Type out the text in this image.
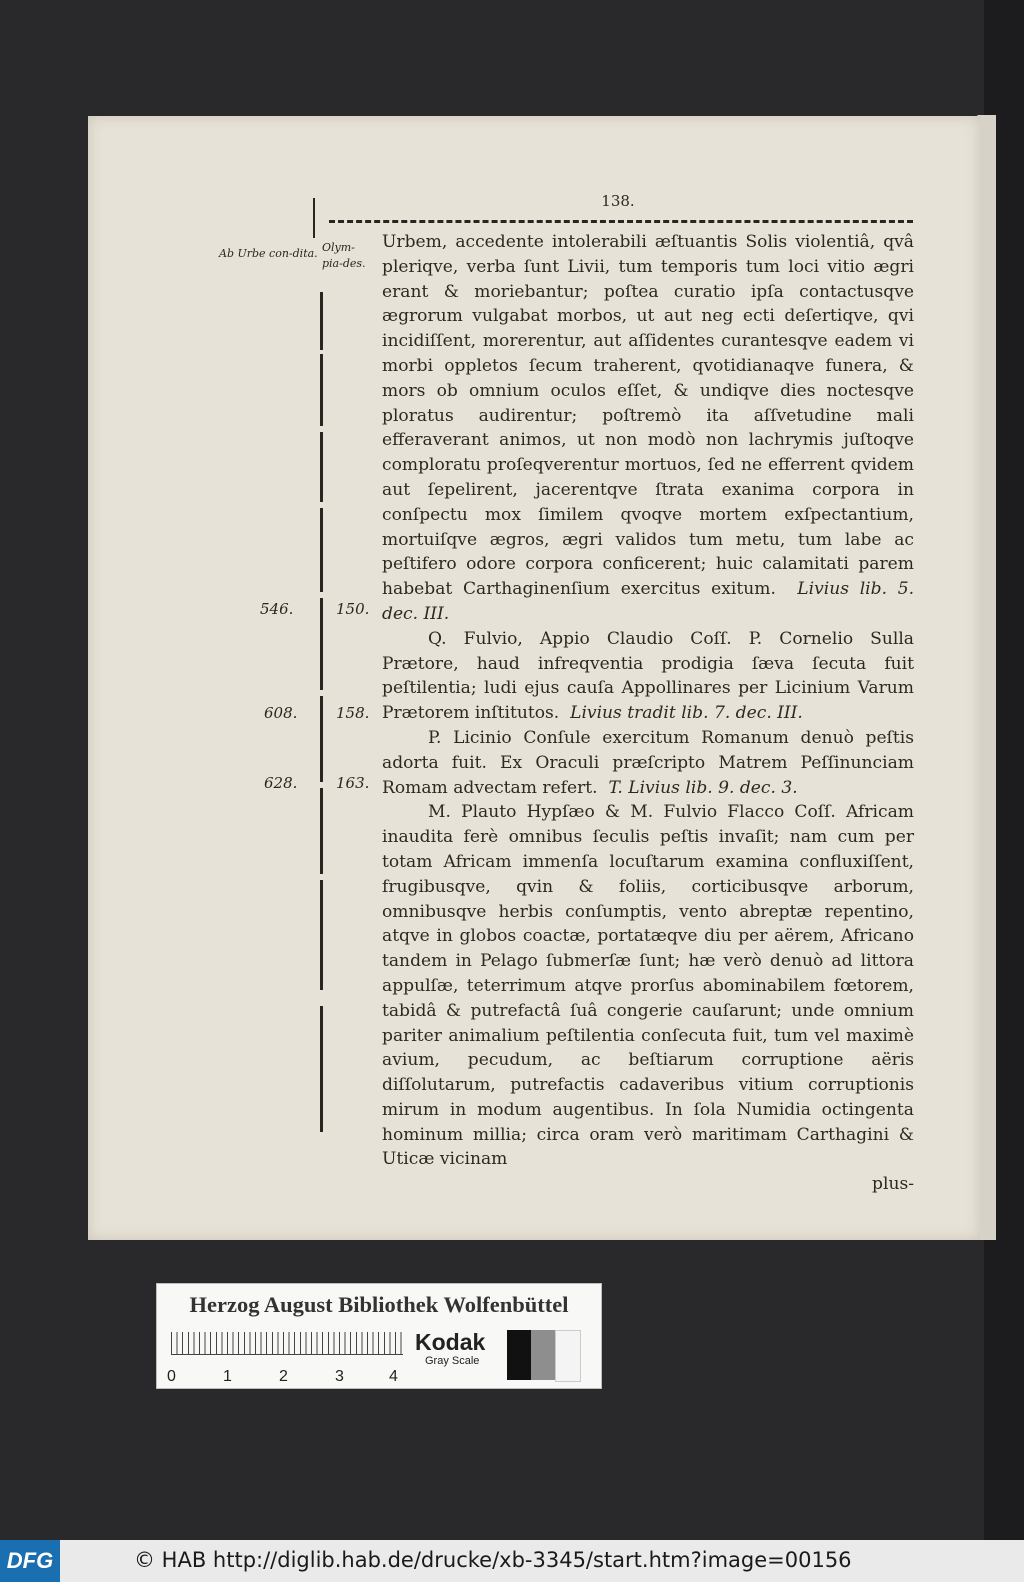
138.
Ab Urbe con-dita. Olym-pia-des.
546.	150.
608.	158.
628.	163.

Urbem, accedente intolerabili æſtuantis Solis violentiâ, qvâ pleriqve, verba ſunt Livii, tum temporis tum loci vitio ægri erant & moriebantur; poſtea curatio ipſa contactusqve ægrorum vulgabat morbos, ut aut neg ecti deſertiqve, qvi incidiſſent, morerentur, aut aſſidentes curantesqve eadem vi morbi oppletos ſecum traherent, qvotidianaqve funera, & mors ob omnium oculos eſſet, & undiqve dies noctesqve ploratus audirentur; poſtremò ita aſſvetudine mali efferaverant animos, ut non modò non lachrymis juſtoqve comploratu proſeqverentur mortuos, ſed ne efferrent qvidem aut ſepelirent, jacerentqve ſtrata exanima corpora in conſpectu mox ſimilem qvoqve mortem exſpectantium, mortuiſqve ægros, ægri validos tum metu, tum labe ac peſtifero odore corpora conficerent; huic calamitati parem habebat Carthaginenſium exercitus exitum. Livius lib. 5. dec. III.

Q. Fulvio, Appio Claudio Coſſ. P. Cornelio Sulla Prætore, haud infreqventia prodigia ſæva ſecuta fuit peſtilentia; ludi ejus cauſa Appollinares per Licinium Varum Prætorem inſtitutos. Livius tradit lib. 7. dec. III.

P. Licinio Conſule exercitum Romanum denuò peſtis adorta fuit. Ex Oraculi præſcripto Matrem Peſſinunciam Romam advectam refert. T. Livius lib. 9. dec. 3.

M. Plauto Hypſæo & M. Fulvio Flacco Coſſ. Africam inaudita ferè omnibus ſeculis peſtis invaſit; nam cum per totam Africam immenſa locuſtarum examina confluxiſſent, frugibusqve, qvin & foliis, corticibusqve arborum, omnibusqve herbis conſumptis, vento abreptæ repentino, atqve in globos coactæ, portatæqve diu per aërem, Africano tandem in Pelago ſubmerſæ ſunt; hæ verò denuò ad littora appulſæ, teterrimum atqve prorſus abominabilem fœtorem, tabidâ & putrefactâ ſuâ congerie cauſarunt; unde omnium pariter animalium peſtilentia conſecuta fuit, tum vel maximè avium, pecudum, ac beſtiarum corruptione aëris diſſolutarum, putrefactis cadaveribus vitium corruptionis mirum in modum augentibus. In ſola Numidia octingenta hominum millia; circa oram verò maritimam Carthagini & Uticæ vicinam

plus-

Herzog August Bibliothek Wolfenbüttel
0	1	2	3	4
Kodak
Gray Scale
DFG	© HAB http://diglib.hab.de/drucke/xb-3345/start.htm?image=00156
